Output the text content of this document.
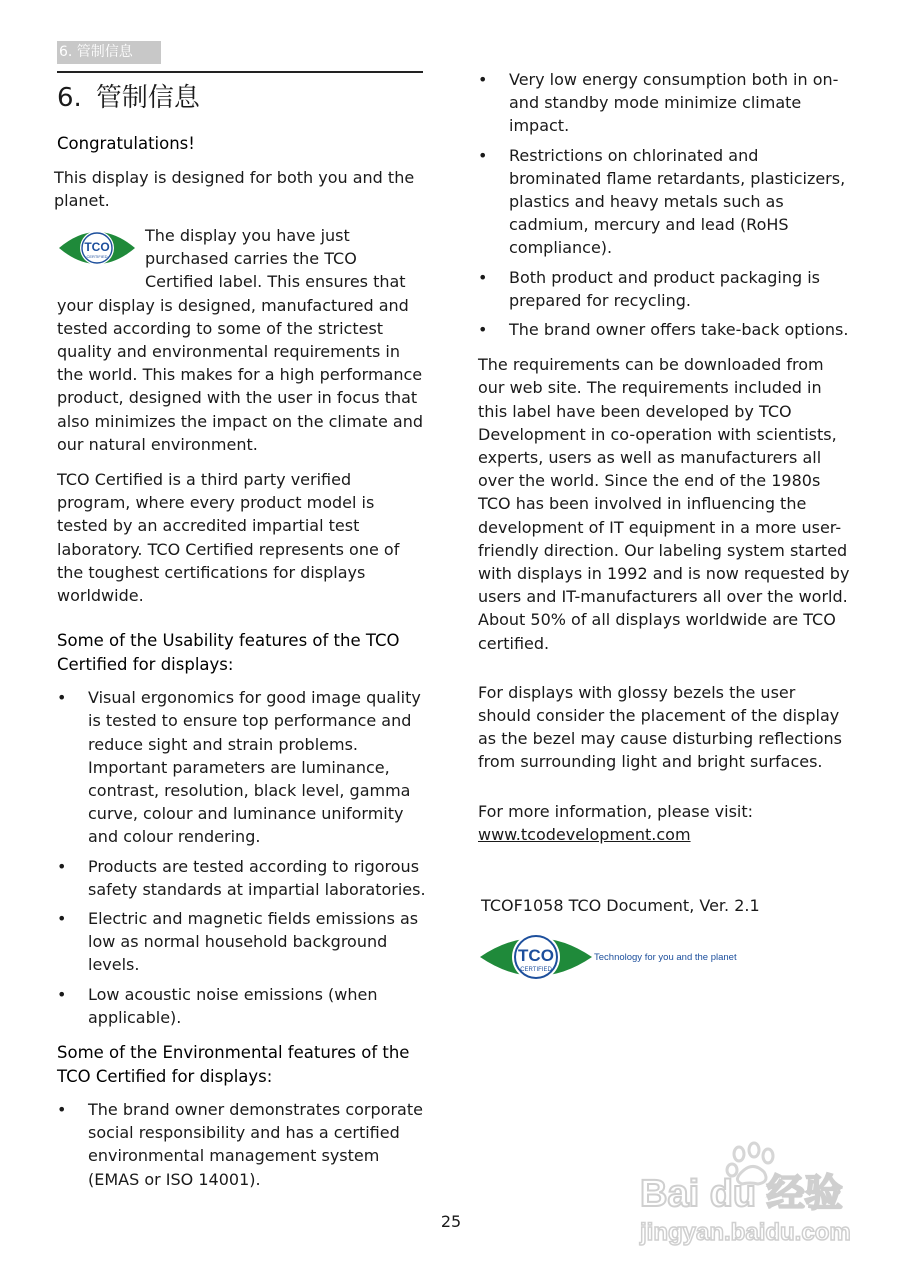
6. 管制信息
6. 管制信息
Congratulations!

This display is designed for both you and the planet.

TCO
CERTIFIED

The display you have just purchased carries the TCO Certified label. This ensures that your display is designed, manufactured and tested according to some of the strictest quality and environmental requirements in the world. This makes for a high performance product, designed with the user in focus that also minimizes the impact on the climate and our natural environment.

TCO Certified is a third party verified program, where every product model is tested by an accredited impartial test laboratory. TCO Certified represents one of the toughest certifications for displays worldwide.

Some of the Usability features of the TCO Certified for displays:
• Visual ergonomics for good image quality is tested to ensure top performance and reduce sight and strain problems. Important parameters are luminance, contrast, resolution, black level, gamma curve, colour and luminance uniformity and colour rendering.
• Products are tested according to rigorous safety standards at impartial laboratories.
• Electric and magnetic fields emissions as low as normal household background levels.
• Low acoustic noise emissions (when applicable).
Some of the Environmental features of the TCO Certified for displays:
• The brand owner demonstrates corporate social responsibility and has a certified environmental management system (EMAS or ISO 14001).
• Very low energy consumption both in on- and standby mode minimize climate impact.
• Restrictions on chlorinated and brominated flame retardants, plasticizers, plastics and heavy metals such as cadmium, mercury and lead (RoHS compliance).
• Both product and product packaging is prepared for recycling.
• The brand owner offers take-back options.

The requirements can be downloaded from our web site. The requirements included in this label have been developed by TCO Development in co-operation with scientists, experts, users as well as manufacturers all over the world. Since the end of the 1980s TCO has been involved in influencing the development of IT equipment in a more user-friendly direction. Our labeling system started with displays in 1992 and is now requested by users and IT-manufacturers all over the world. About 50% of all displays worldwide are TCO certified.

For displays with glossy bezels the user should consider the placement of the display as the bezel may cause disturbing reflections from surrounding light and bright surfaces.

For more information, please visit:

www.tcodevelopment.com
TCOF1058 TCO Document, Ver. 2.1
TCO
CERTIFIED
Technology for you and the planet
25
Bai du 经验
jingyan.baidu.com
